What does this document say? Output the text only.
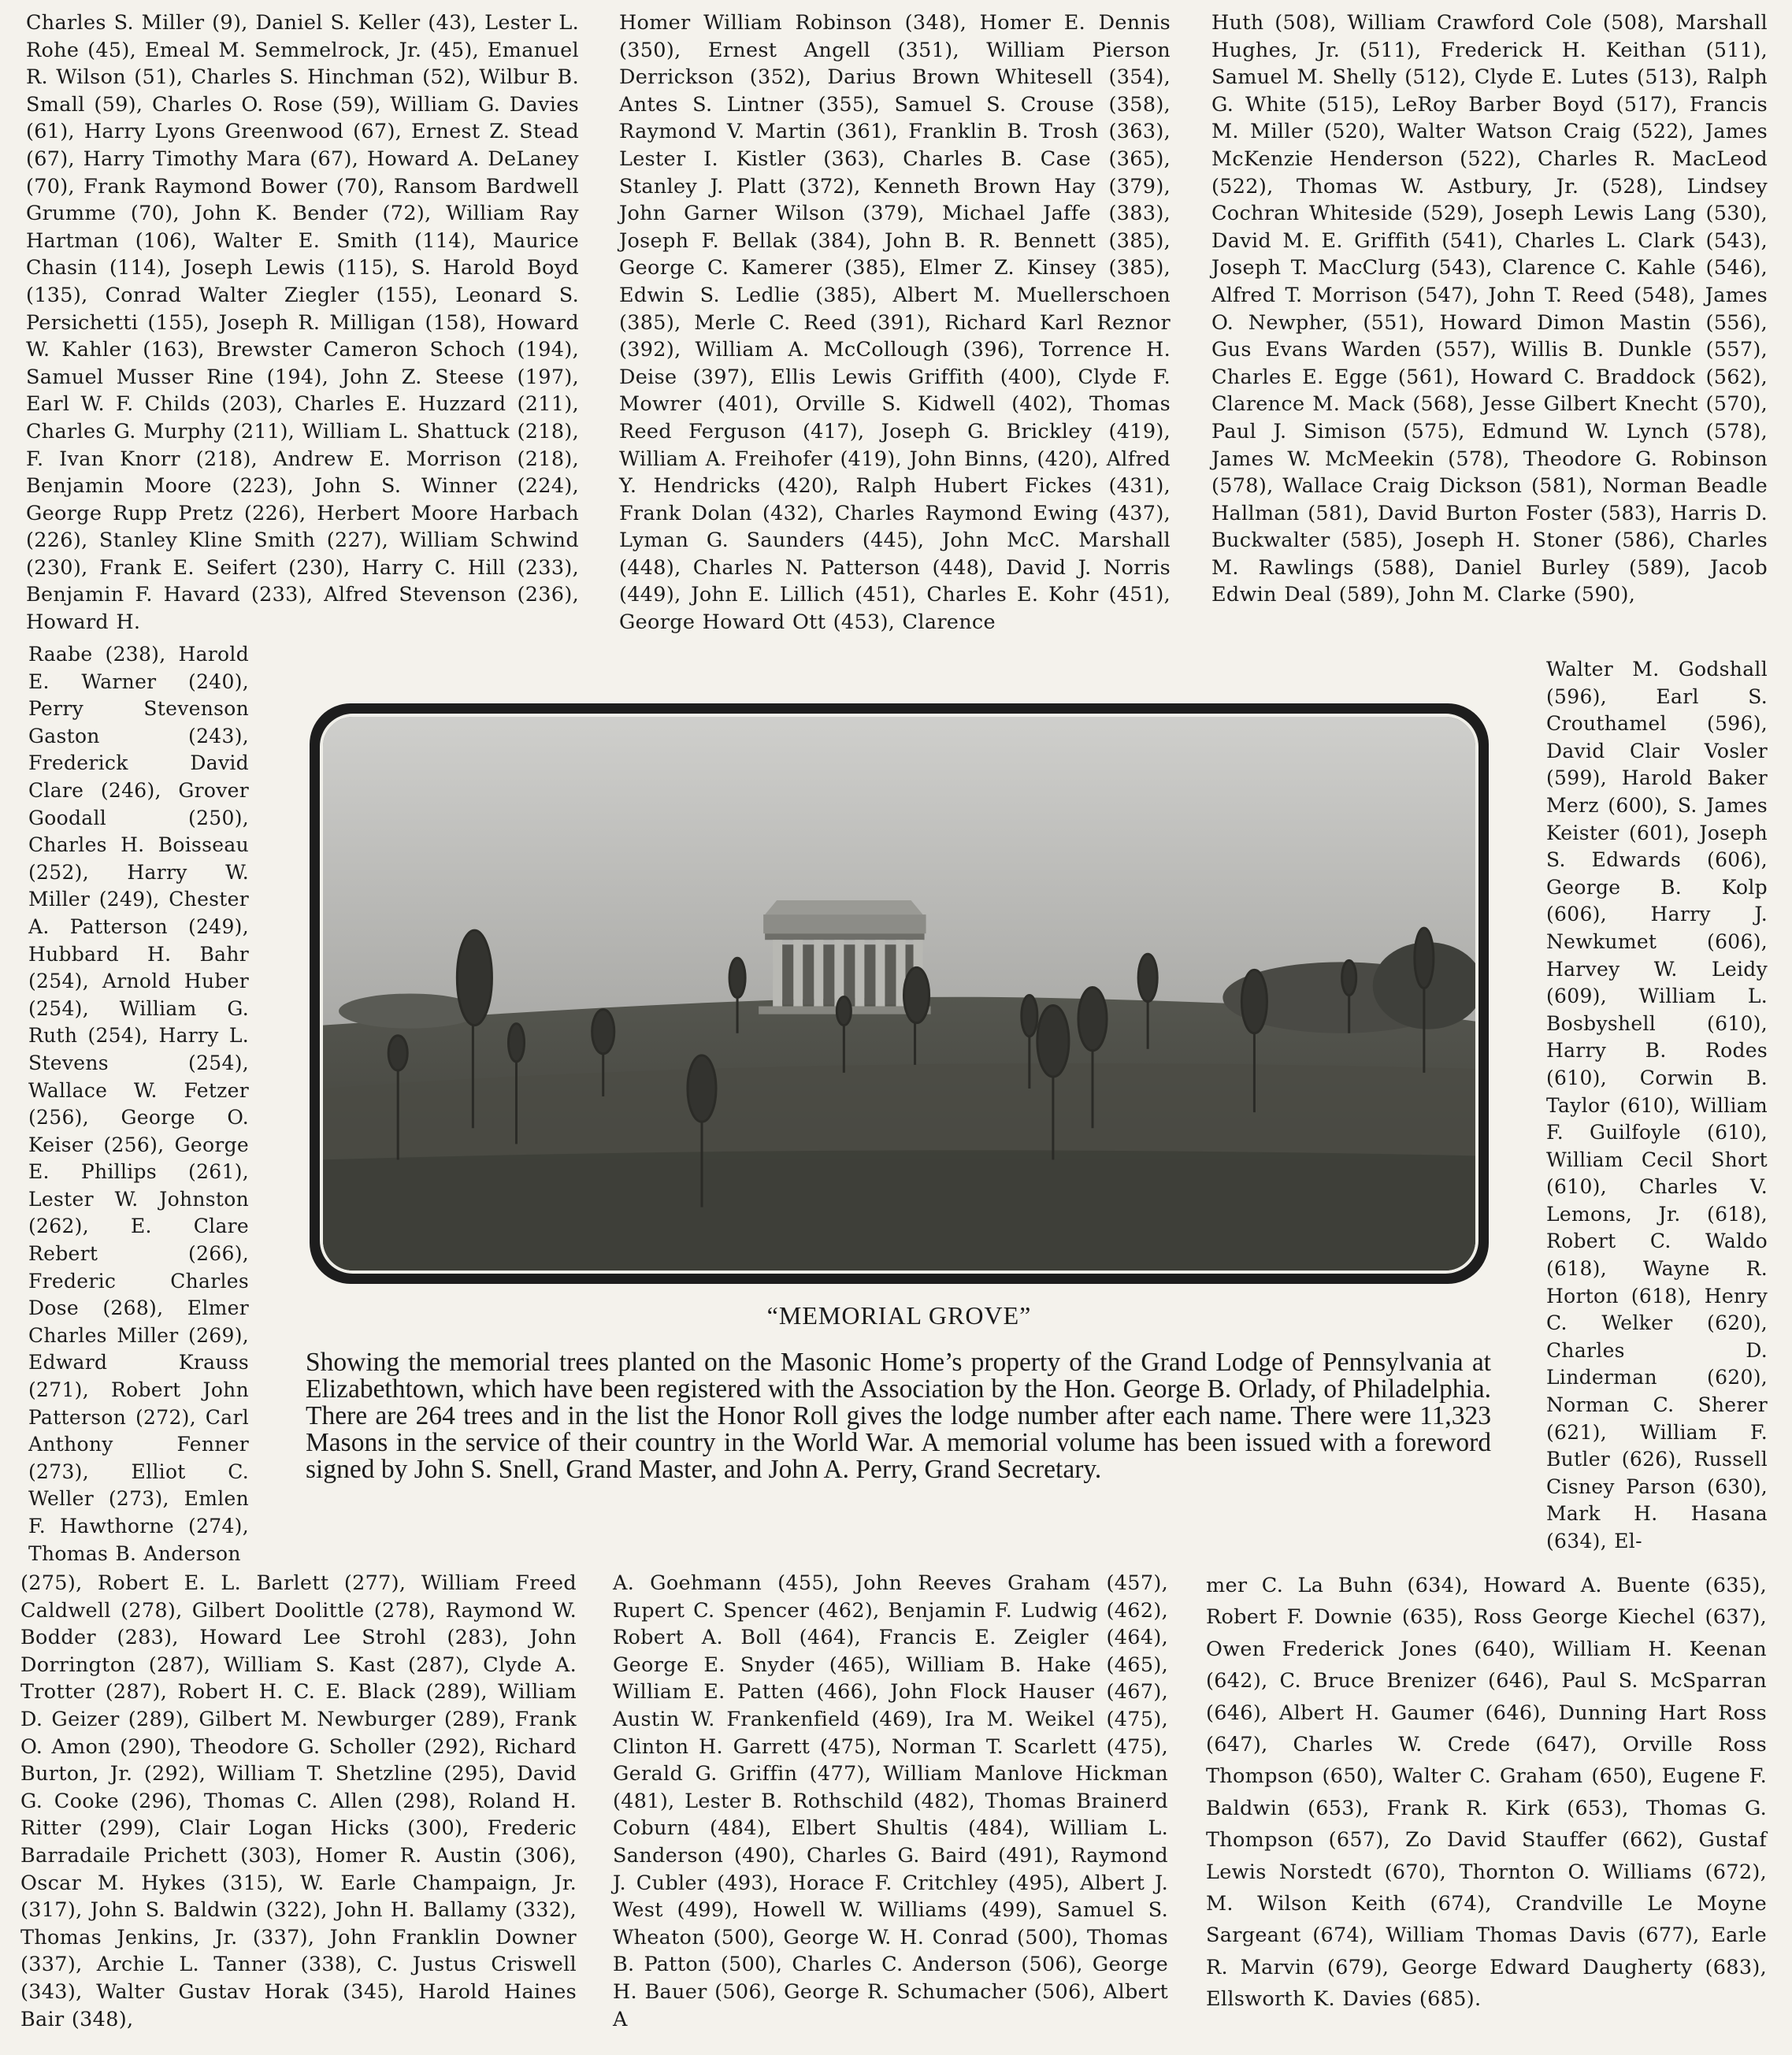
Charles S. Miller (9), Daniel S. Keller (43), Lester L. Rohe (45), Emeal M. Semmelrock, Jr. (45), Emanuel R. Wilson (51), Charles S. Hinchman (52), Wilbur B. Small (59), Charles O. Rose (59), William G. Davies (61), Harry Lyons Greenwood (67), Ernest Z. Stead (67), Harry Timothy Mara (67), Howard A. DeLaney (70), Frank Raymond Bower (70), Ransom Bardwell Grumme (70), John K. Bender (72), William Ray Hartman (106), Walter E. Smith (114), Maurice Chasin (114), Joseph Lewis (115), S. Harold Boyd (135), Conrad Walter Ziegler (155), Leonard S. Persichetti (155), Joseph R. Milligan (158), Howard W. Kahler (163), Brewster Cameron Schoch (194), Samuel Musser Rine (194), John Z. Steese (197), Earl W. F. Childs (203), Charles E. Huzzard (211), Charles G. Murphy (211), William L. Shattuck (218), F. Ivan Knorr (218), Andrew E. Morrison (218), Benjamin Moore (223), John S. Winner (224), George Rupp Pretz (226), Herbert Moore Harbach (226), Stanley Kline Smith (227), William Schwind (230), Frank E. Seifert (230), Harry C. Hill (233), Benjamin F. Havard (233), Alfred Stevenson (236), Howard H.

Homer William Robinson (348), Homer E. Dennis (350), Ernest Angell (351), William Pierson Derrickson (352), Darius Brown Whitesell (354), Antes S. Lintner (355), Samuel S. Crouse (358), Raymond V. Martin (361), Franklin B. Trosh (363), Lester I. Kistler (363), Charles B. Case (365), Stanley J. Platt (372), Kenneth Brown Hay (379), John Garner Wilson (379), Michael Jaffe (383), Joseph F. Bellak (384), John B. R. Bennett (385), George C. Kamerer (385), Elmer Z. Kinsey (385), Edwin S. Ledlie (385), Albert M. Muellerschoen (385), Merle C. Reed (391), Richard Karl Reznor (392), William A. McCollough (396), Torrence H. Deise (397), Ellis Lewis Griffith (400), Clyde F. Mowrer (401), Orville S. Kidwell (402), Thomas Reed Ferguson (417), Joseph G. Brickley (419), William A. Freihofer (419), John Binns, (420), Alfred Y. Hendricks (420), Ralph Hubert Fickes (431), Frank Dolan (432), Charles Raymond Ewing (437), Lyman G. Saunders (445), John McC. Marshall (448), Charles N. Patterson (448), David J. Norris (449), John E. Lillich (451), Charles E. Kohr (451), George Howard Ott (453), Clarence

Huth (508), William Crawford Cole (508), Marshall Hughes, Jr. (511), Frederick H. Keithan (511), Samuel M. Shelly (512), Clyde E. Lutes (513), Ralph G. White (515), LeRoy Barber Boyd (517), Francis M. Miller (520), Walter Watson Craig (522), James McKenzie Henderson (522), Charles R. MacLeod (522), Thomas W. Astbury, Jr. (528), Lindsey Cochran Whiteside (529), Joseph Lewis Lang (530), David M. E. Griffith (541), Charles L. Clark (543), Joseph T. MacClurg (543), Clarence C. Kahle (546), Alfred T. Morrison (547), John T. Reed (548), James O. Newpher, (551), Howard Dimon Mastin (556), Gus Evans Warden (557), Willis B. Dunkle (557), Charles E. Egge (561), Howard C. Braddock (562), Clarence M. Mack (568), Jesse Gilbert Knecht (570), Paul J. Simison (575), Edmund W. Lynch (578), James W. McMeekin (578), Theodore G. Robinson (578), Wallace Craig Dickson (581), Norman Beadle Hallman (581), David Burton Foster (583), Harris D. Buckwalter (585), Joseph H. Stoner (586), Charles M. Rawlings (588), Daniel Burley (589), Jacob Edwin Deal (589), John M. Clarke (590),

Raabe (238), Harold E. Warner (240), Perry Stevenson Gaston (243), Frederick David Clare (246), Grover Goodall (250), Charles H. Boisseau (252), Harry W. Miller (249), Chester A. Patterson (249), Hubbard H. Bahr (254), Arnold Huber (254), William G. Ruth (254), Harry L. Stevens (254), Wallace W. Fetzer (256), George O. Keiser (256), George E. Phillips (261), Lester W. Johnston (262), E. Clare Rebert (266), Frederic Charles Dose (268), Elmer Charles Miller (269), Edward Krauss (271), Robert John Patterson (272), Carl Anthony Fenner (273), Elliot C. Weller (273), Emlen F. Hawthorne (274), Thomas B. Anderson

Walter M. Godshall (596), Earl S. Crouthamel (596), David Clair Vosler (599), Harold Baker Merz (600), S. James Keister (601), Joseph S. Edwards (606), George B. Kolp (606), Harry J. Newkumet (606), Harvey W. Leidy (609), William L. Bosbyshell (610), Harry B. Rodes (610), Corwin B. Taylor (610), William F. Guilfoyle (610), William Cecil Short (610), Charles V. Lemons, Jr. (618), Robert C. Waldo (618), Wayne R. Horton (618), Henry C. Welker (620), Charles D. Linderman (620), Norman C. Sherer (621), William F. Butler (626), Russell Cisney Parson (630), Mark H. Hasana (634), El-

“MEMORIAL GROVE”

Showing the memorial trees planted on the Masonic Home’s property of the Grand Lodge of Pennsylvania at Elizabethtown, which have been registered with the Association by the Hon. George B. Orlady, of Philadelphia. There are 264 trees and in the list the Honor Roll gives the lodge number after each name. There were 11,323 Masons in the service of their country in the World War. A memorial volume has been issued with a foreword signed by John S. Snell, Grand Master, and John A. Perry, Grand Secretary.

(275), Robert E. L. Barlett (277), William Freed Caldwell (278), Gilbert Doolittle (278), Raymond W. Bodder (283), Howard Lee Strohl (283), John Dorrington (287), William S. Kast (287), Clyde A. Trotter (287), Robert H. C. E. Black (289), William D. Geizer (289), Gilbert M. Newburger (289), Frank O. Amon (290), Theodore G. Scholler (292), Richard Burton, Jr. (292), William T. Shetzline (295), David G. Cooke (296), Thomas C. Allen (298), Roland H. Ritter (299), Clair Logan Hicks (300), Frederic Barradaile Prichett (303), Homer R. Austin (306), Oscar M. Hykes (315), W. Earle Champaign, Jr. (317), John S. Baldwin (322), John H. Ballamy (332), Thomas Jenkins, Jr. (337), John Franklin Downer (337), Archie L. Tanner (338), C. Justus Criswell (343), Walter Gustav Horak (345), Harold Haines Bair (348),

A. Goehmann (455), John Reeves Graham (457), Rupert C. Spencer (462), Benjamin F. Ludwig (462), Robert A. Boll (464), Francis E. Zeigler (464), George E. Snyder (465), William B. Hake (465), William E. Patten (466), John Flock Hauser (467), Austin W. Frankenfield (469), Ira M. Weikel (475), Clinton H. Garrett (475), Norman T. Scarlett (475), Gerald G. Griffin (477), William Manlove Hickman (481), Lester B. Rothschild (482), Thomas Brainerd Coburn (484), Elbert Shultis (484), William L. Sanderson (490), Charles G. Baird (491), Raymond J. Cubler (493), Horace F. Critchley (495), Albert J. West (499), Howell W. Williams (499), Samuel S. Wheaton (500), George W. H. Conrad (500), Thomas B. Patton (500), Charles C. Anderson (506), George H. Bauer (506), George R. Schumacher (506), Albert A

mer C. La Buhn (634), Howard A. Buente (635), Robert F. Downie (635), Ross George Kiechel (637), Owen Frederick Jones (640), William H. Keenan (642), C. Bruce Brenizer (646), Paul S. McSparran (646), Albert H. Gaumer (646), Dunning Hart Ross (647), Charles W. Crede (647), Orville Ross Thompson (650), Walter C. Graham (650), Eugene F. Baldwin (653), Frank R. Kirk (653), Thomas G. Thompson (657), Zo David Stauffer (662), Gustaf Lewis Norstedt (670), Thornton O. Williams (672), M. Wilson Keith (674), Crandville Le Moyne Sargeant (674), William Thomas Davis (677), Earle R. Marvin (679), George Edward Daugherty (683), Ellsworth K. Davies (685).
